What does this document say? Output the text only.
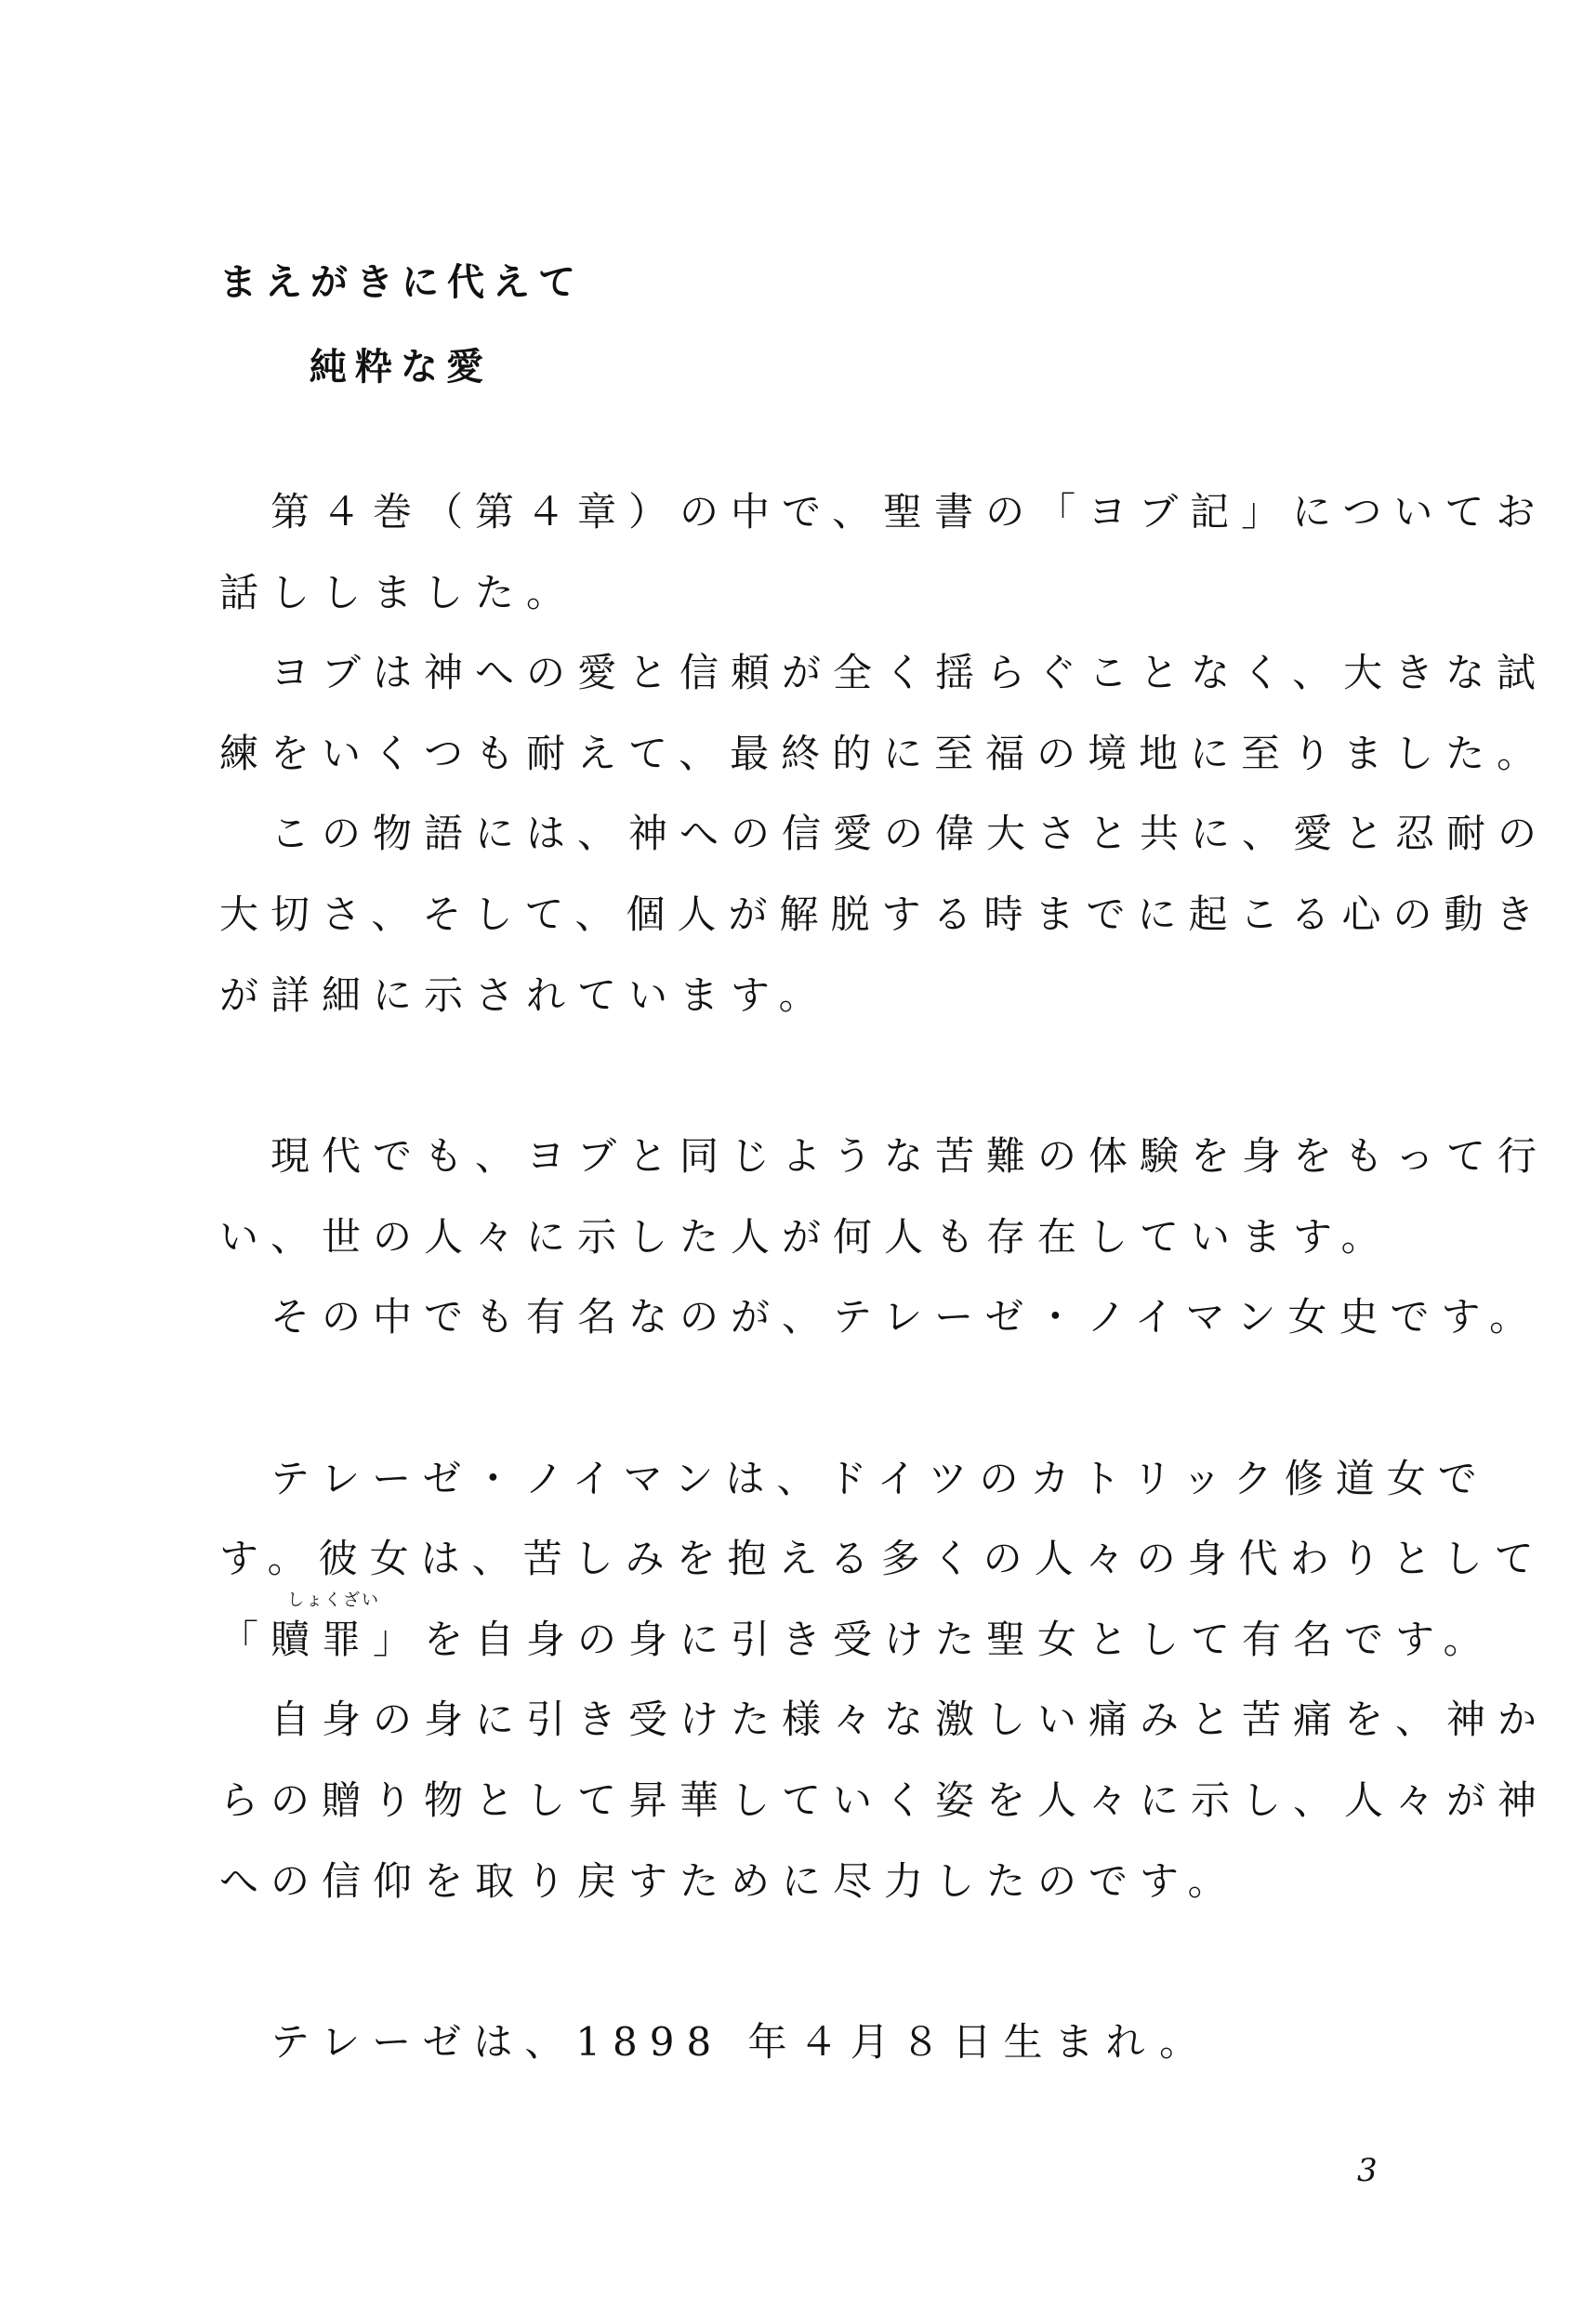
まえがきに代えて
純粋な愛
　第４巻（第４章）の中で、聖書の「ヨブ記」についてお
話ししました。
　ヨブは神への愛と信頼が全く揺らぐことなく、大きな試
練をいくつも耐えて、最終的に至福の境地に至りました。
　この物語には、神への信愛の偉大さと共に、愛と忍耐の
大切さ、そして、個人が解脱する時までに起こる心の動き
が詳細に示されています。
　現代でも、ヨブと同じような苦難の体験を身をもって行
い、世の人々に示した人が何人も存在しています。
　その中でも有名なのが、テレーゼ・ノイマン女史です。
　テレーゼ・ノイマンは、ドイツのカトリック修道女で
す。彼女は、苦しみを抱える多くの人々の身代わりとして
「
しょくざい
贖罪」を自身の身に引き受けた聖女として有名です。
　自身の身に引き受けた様々な激しい痛みと苦痛を、神か
らの贈り物として昇華していく姿を人々に示し、人々が神
への信仰を取り戻すために尽力したのです。
　テレーゼは、1898 年４月８日生まれ。
3
